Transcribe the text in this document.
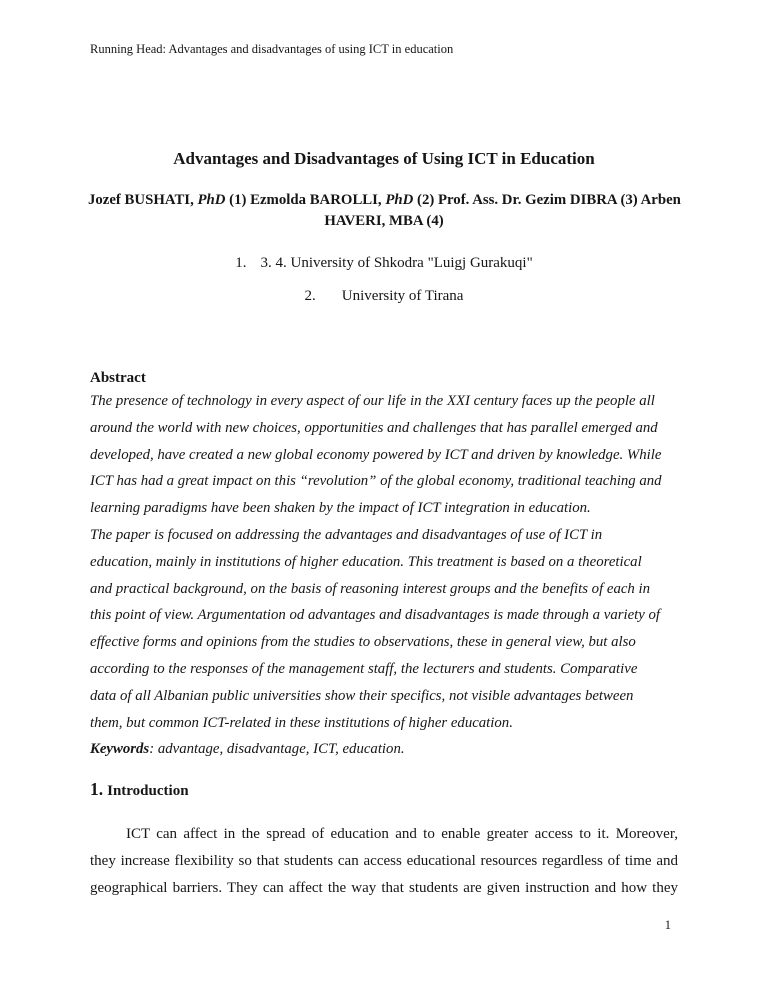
Running Head: Advantages and disadvantages of using ICT in education
Advantages and Disadvantages of Using ICT in Education
Jozef BUSHATI, PhD (1) Ezmolda BAROLLI, PhD (2) Prof. Ass. Dr. Gezim DIBRA (3) Arben
HAVERI, MBA (4)
1. 3. 4. University of Shkodra "Luigj Gurakuqi"
2. University of Tirana
Abstract
The presence of technology in every aspect of our life in the XXI century faces up the people all
around the world with new choices, opportunities and challenges that has parallel emerged and
developed, have created a new global economy powered by ICT and driven by knowledge. While
ICT has had a great impact on this “revolution” of the global economy, traditional teaching and
learning paradigms have been shaken by the impact of ICT integration in education.
The paper is focused on addressing the advantages and disadvantages of use of ICT in
education, mainly in institutions of higher education. This treatment is based on a theoretical
and practical background, on the basis of reasoning interest groups and the benefits of each in
this point of view. Argumentation od advantages and disadvantages is made through a variety of
effective forms and opinions from the studies to observations, these in general view, but also
according to the responses of the management staff, the lecturers and students. Comparative
data of all Albanian public universities show their specifics, not visible advantages between
them, but common ICT-related in these institutions of higher education.
Keywords: advantage, disadvantage, ICT, education.
1. Introduction
ICT can affect in the spread of education and to enable greater access to it. Moreover,
they increase flexibility so that students can access educational resources regardless of time and
geographical barriers. They can affect the way that students are given instruction and how they
1
